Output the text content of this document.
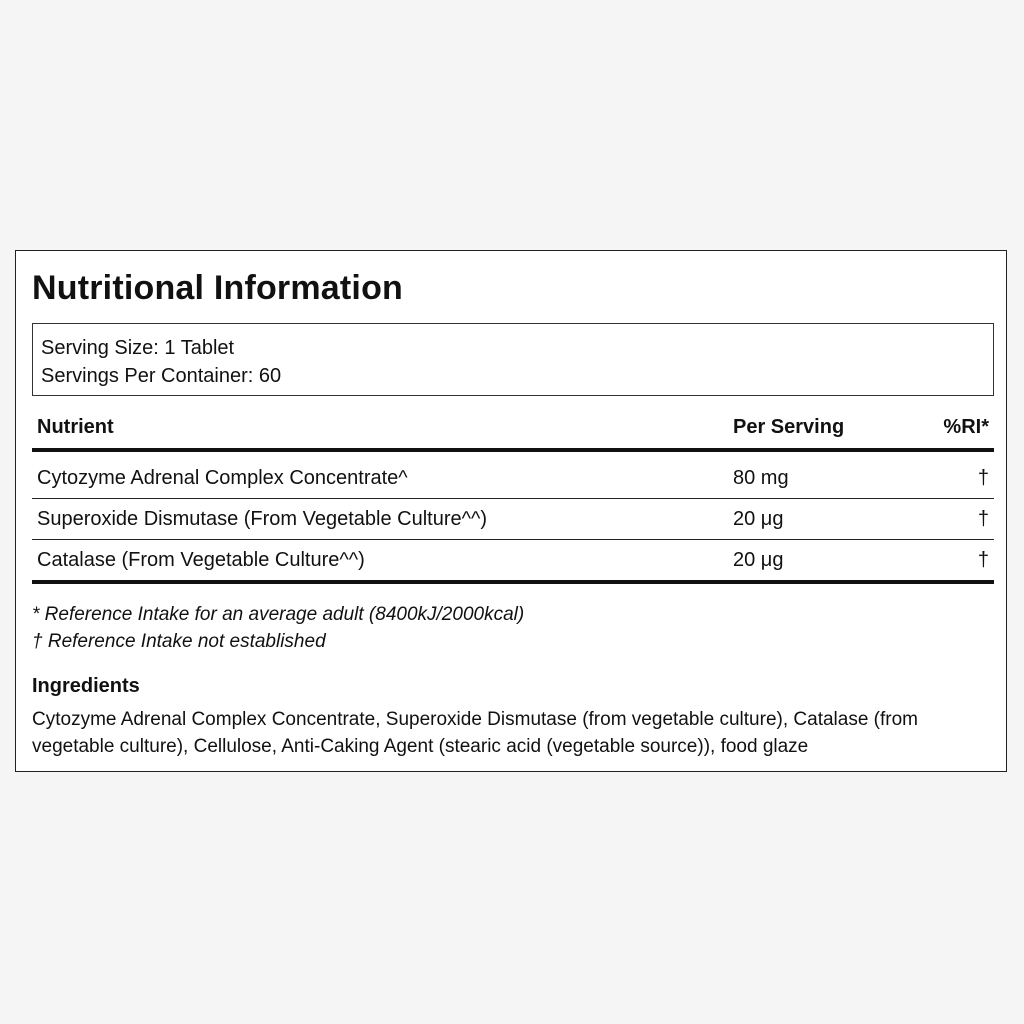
Nutritional Information
Serving Size: 1 Tablet
Servings Per Container: 60
Nutrient	Per Serving	%RI*
Cytozyme Adrenal Complex Concentrate^	80 mg	†
Superoxide Dismutase (From Vegetable Culture^^)	20 μg	†
Catalase (From Vegetable Culture^^)	20 μg	†
* Reference Intake for an average adult (8400kJ/2000kcal)
† Reference Intake not established
Ingredients
Cytozyme Adrenal Complex Concentrate, Superoxide Dismutase (from vegetable culture), Catalase (from vegetable culture), Cellulose, Anti-Caking Agent (stearic acid (vegetable source)), food glaze
